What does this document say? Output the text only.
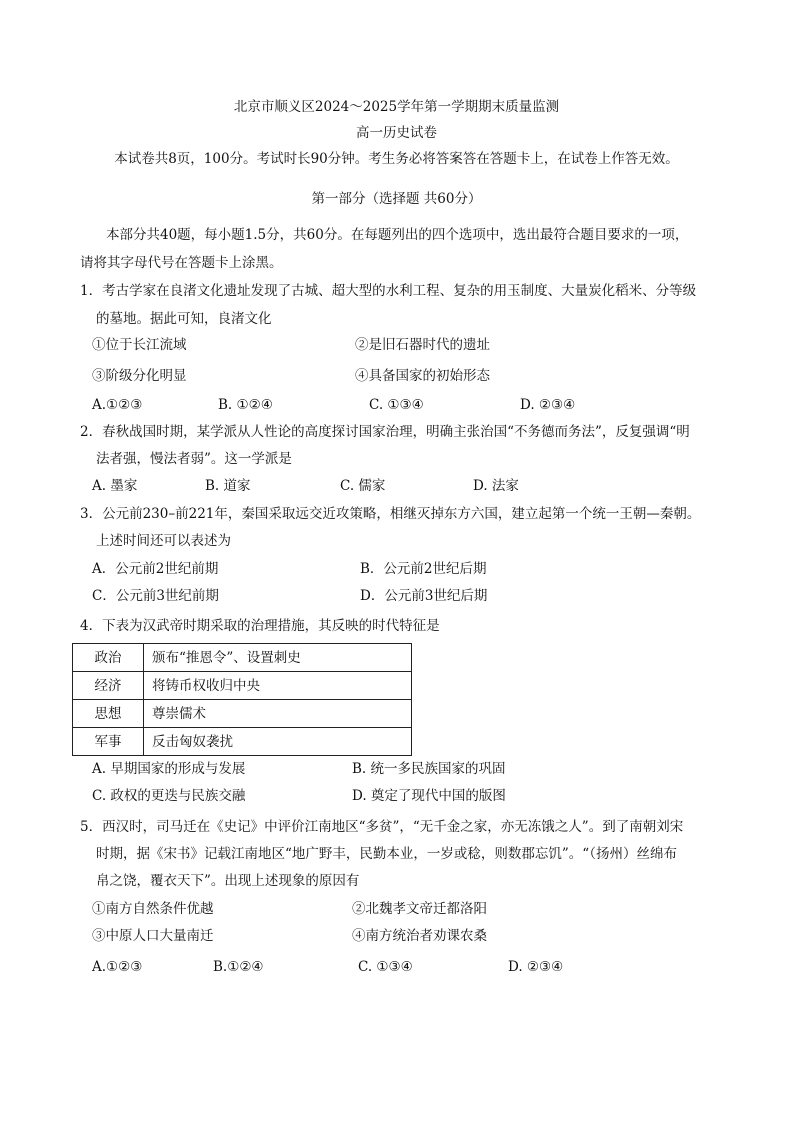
北京市顺义区2024～2025学年第一学期期末质量监测
高一历史试卷
本试卷共8页，100分。考试时长90分钟。考生务必将答案答在答题卡上，在试卷上作答无效。
第一部分（选择题 共60分）
本部分共40题，每小题1.5分，共60分。在每题列出的四个选项中，选出最符合题目要求的一项，
请将其字母代号在答题卡上涂黑。
1．考古学家在良渚文化遗址发现了古城、超大型的水利工程、复杂的用玉制度、大量炭化稻米、分等级
的墓地。据此可知，良渚文化
①位于长江流域	②是旧石器时代的遗址
③阶级分化明显	④具备国家的初始形态
A.①②③	B. ①②④	C. ①③④	D. ②③④
2．春秋战国时期，某学派从人性论的高度探讨国家治理，明确主张治国“不务德而务法”，反复强调“明
法者强，慢法者弱”。这一学派是
A. 墨家	B. 道家	C. 儒家	D. 法家
3．公元前230–前221年，秦国采取远交近攻策略，相继灭掉东方六国，建立起第一个统一王朝—秦朝。
上述时间还可以表述为
A．公元前2世纪前期	B．公元前2世纪后期
C．公元前3世纪前期	D．公元前3世纪后期
4．下表为汉武帝时期采取的治理措施，其反映的时代特征是
政治	颁布“推恩令”、设置刺史
经济	将铸币权收归中央
思想	尊崇儒术
军事	反击匈奴袭扰
A. 早期国家的形成与发展	B. 统一多民族国家的巩固
C. 政权的更迭与民族交融	D. 奠定了现代中国的版图
5．西汉时，司马迁在《史记》中评价江南地区“多贫”，“无千金之家，亦无冻饿之人”。到了南朝刘宋
时期，据《宋书》记载江南地区“地广野丰，民勤本业，一岁或稔，则数郡忘饥”。“（扬州）丝绵布
帛之饶，覆衣天下”。出现上述现象的原因有
①南方自然条件优越	②北魏孝文帝迁都洛阳
③中原人口大量南迁	④南方统治者劝课农桑
A.①②③	B.①②④	C. ①③④	D. ②③④
